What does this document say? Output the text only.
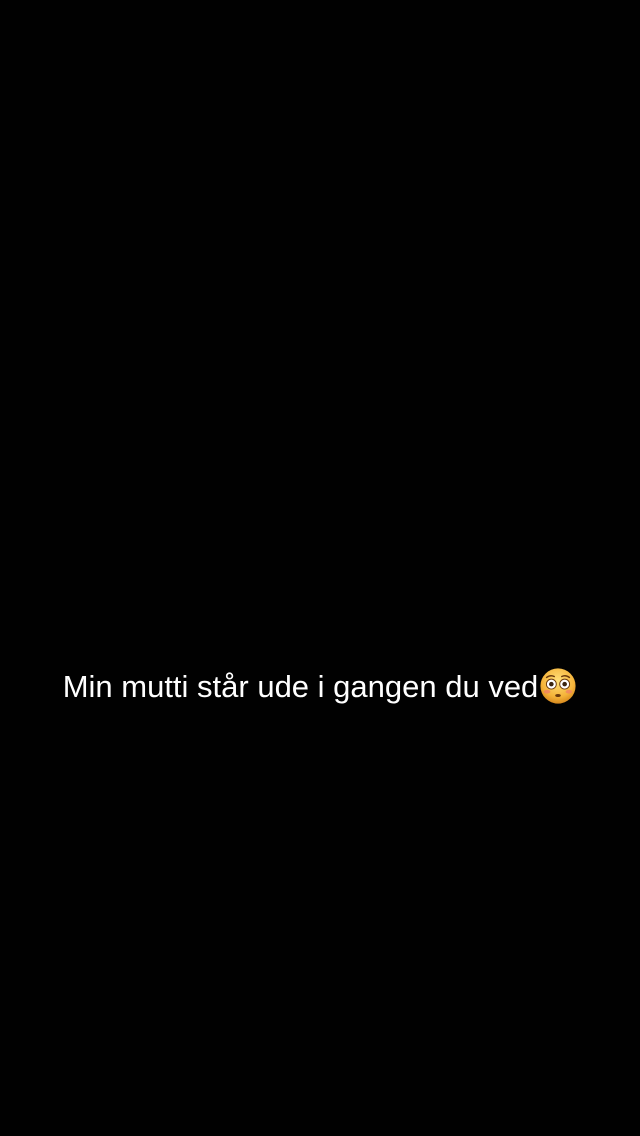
Min mutti står ude i gangen du ved
